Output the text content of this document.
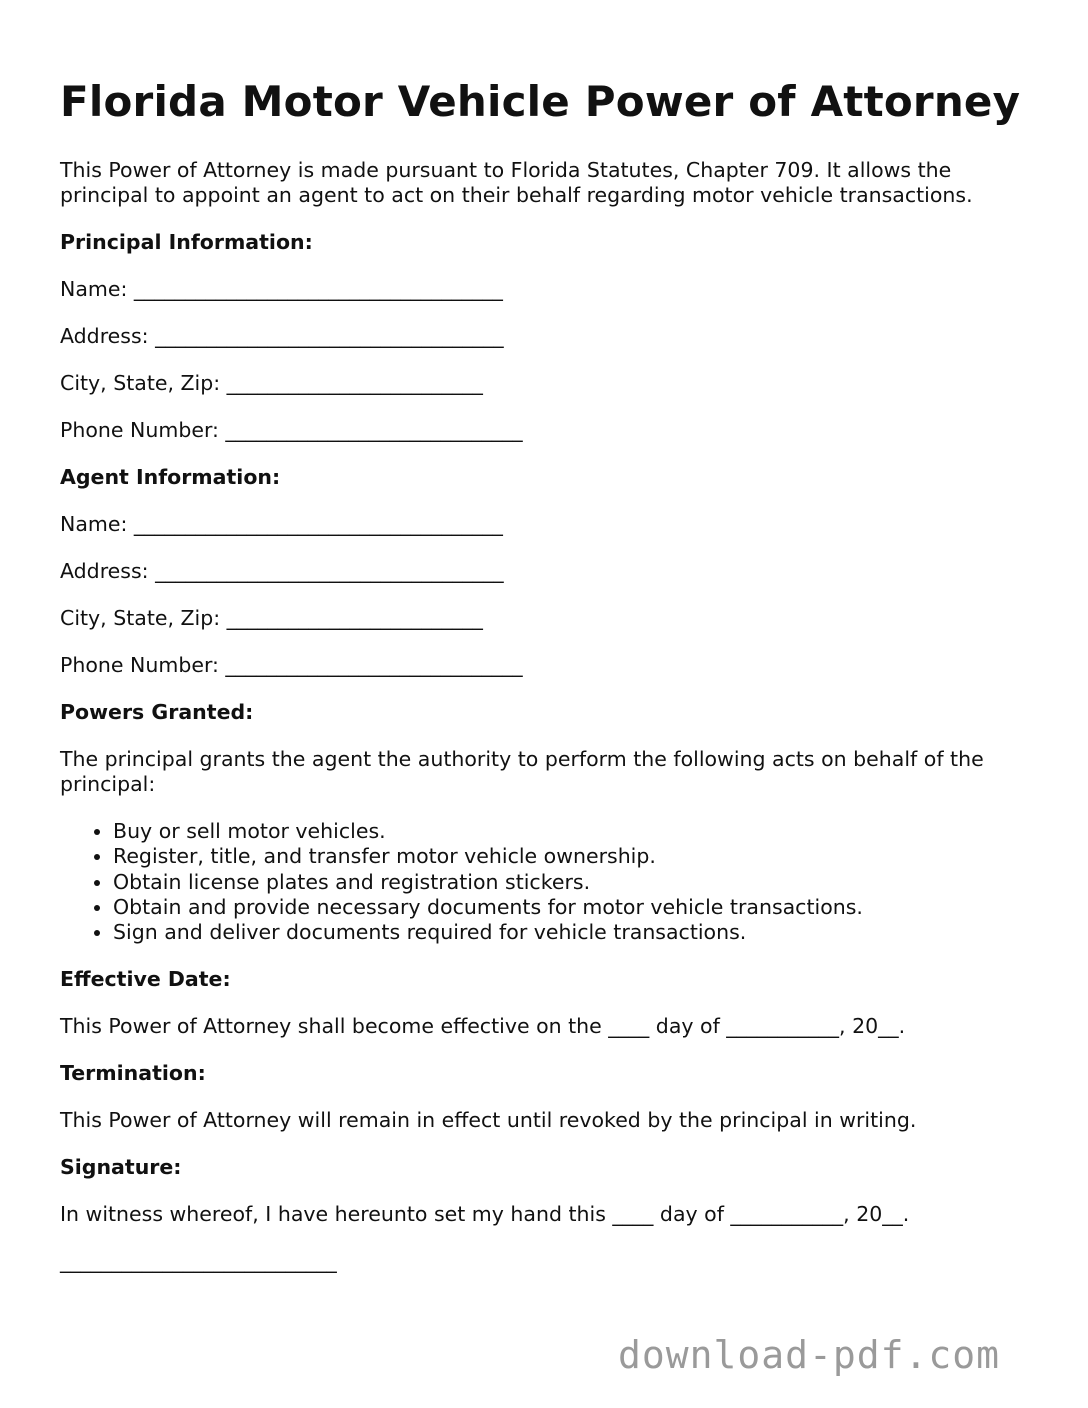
Florida Motor Vehicle Power of Attorney

This Power of Attorney is made pursuant to Florida Statutes, Chapter 709. It allows the principal to appoint an agent to act on their behalf regarding motor vehicle transactions.

Principal Information:
Name: ____________________________________
Address: __________________________________
City, State, Zip: _________________________
Phone Number: _____________________________
Agent Information:
Name: ____________________________________
Address: __________________________________
City, State, Zip: _________________________
Phone Number: _____________________________
Powers Granted:

The principal grants the agent the authority to perform the following acts on behalf of the principal:

• Buy or sell motor vehicles.
• Register, title, and transfer motor vehicle ownership.
• Obtain license plates and registration stickers.
• Obtain and provide necessary documents for motor vehicle transactions.
• Sign and deliver documents required for vehicle transactions.
Effective Date:

This Power of Attorney shall become effective on the ____ day of ___________, 20__.

Termination:

This Power of Attorney will remain in effect until revoked by the principal in writing.

Signature:

In witness whereof, I have hereunto set my hand this ____ day of ___________, 20__.

___________________________
download-pdf.com
